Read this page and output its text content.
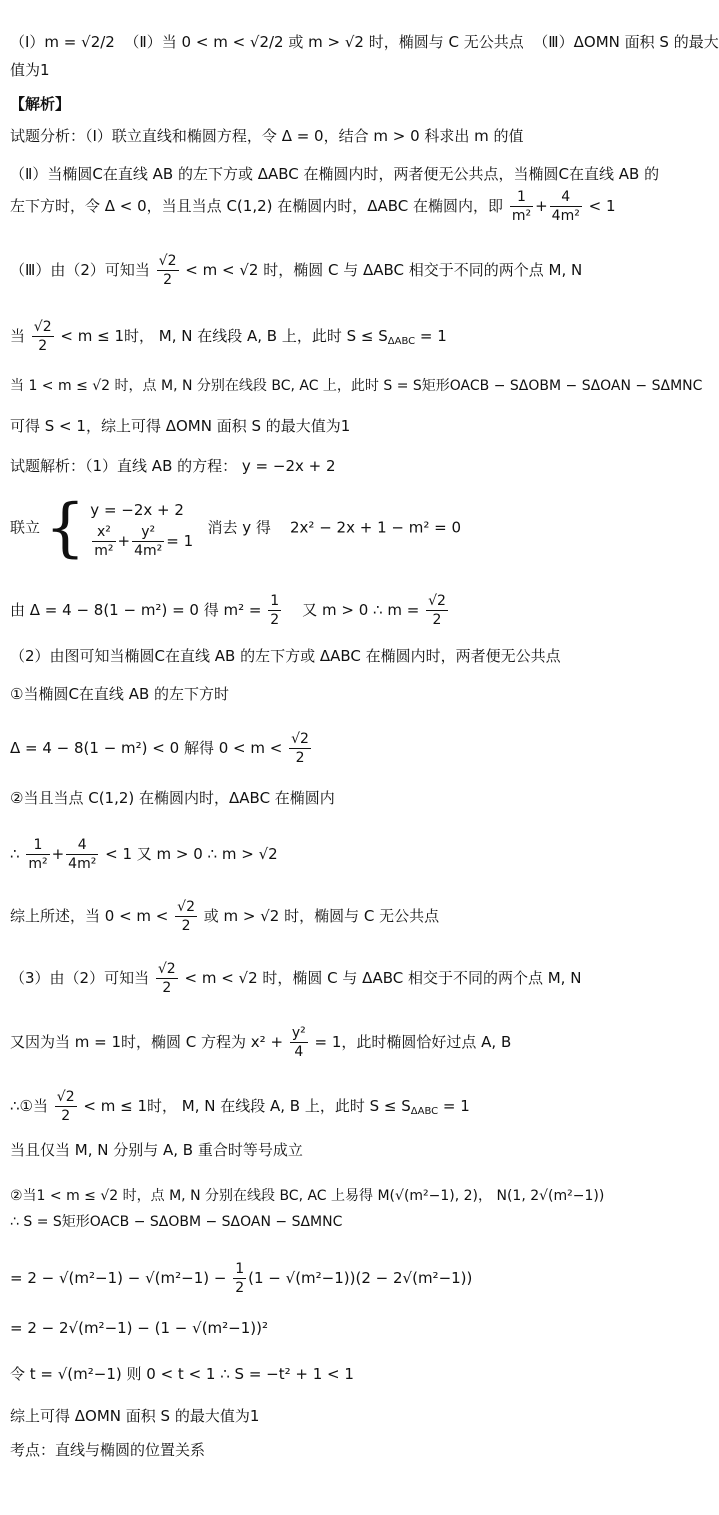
（Ⅰ）m = √2/2 （Ⅱ）当 0 < m < √2/2 或 m > √2 时，椭圆与 C 无公共点 （Ⅲ）ΔOMN 面积 S 的最大
值为1
【解析】
试题分析：（Ⅰ）联立直线和椭圆方程，令 Δ = 0，结合 m > 0 科求出 m 的值
（Ⅱ）当椭圆C在直线 AB 的左下方或 ΔABC 在椭圆内时，两者便无公共点，当椭圆C在直线 AB 的
左下方时，令 Δ < 0，当且当点 C(1,2) 在椭圆内时，ΔABC 在椭圆内，即 $\frac{1}{\text{m²}} + \frac{4}{\text{4m²}} < 1$
（Ⅲ）由（2）可知当 $\frac{√2}{2} < m < √2$ 时，椭圆 C 与 ΔABC 相交于不同的两个点 M, N
当 $\frac{√2}{2} < m \le 1$时， M, N 在线段 A, B 上，此时 $S \le S_{\Delta ABC} = 1$
当 1 < m ≤ √2 时，点 M, N 分别在线段 BC, AC 上，此时 S = S矩形OACB − SΔOBM − SΔOAN − SΔMNC
可得 S < 1，综上可得 ΔOMN 面积 S 的最大值为1
试题解析：（1）直线 AB 的方程： y = −2x + 2
联立 { y = −2x + 2
$\frac{\text{x²}}{\text{m²}} + \frac{\text{y²}}{\text{4m²}} = 1$
消去 y 得 2x² − 2x + 1 − m² = 0
由 Δ = 4 − 8(1 − m²) = 0 得 $m^2 = \frac{1}{2}$ 又 m > 0 ∴ $m = \frac{√2}{2}$
（2）由图可知当椭圆C在直线 AB 的左下方或 ΔABC 在椭圆内时，两者便无公共点
①当椭圆C在直线 AB 的左下方时
Δ = 4 − 8(1 − m²) < 0 解得 $0 < m < \frac{√2}{2}$
②当且当点 C(1,2) 在椭圆内时，ΔABC 在椭圆内
∴ $\frac{1}{\text{m²}} + \frac{4}{\text{4m²}} < 1$ 又 m > 0 ∴ m > √2
综上所述，当 $0 < m < \frac{√2}{2}$ 或 m > √2 时，椭圆与 C 无公共点
（3）由（2）可知当 $\frac{√2}{2} < m < √2$ 时，椭圆 C 与 ΔABC 相交于不同的两个点 M, N
又因为当 m = 1时，椭圆 C 方程为 $x^2 + \frac{\text{y²}}{4} = 1$，此时椭圆恰好过点 A, B
∴①当 $\frac{√2}{2} < m \le 1$时， M, N 在线段 A, B 上，此时 $S \le S_{\Delta ABC} = 1$
当且仅当 M, N 分别与 A, B 重合时等号成立
②当1 < m ≤ √2 时，点 M, N 分别在线段 BC, AC 上易得 M(√(m²−1), 2)， N(1, 2√(m²−1))
∴ S = S矩形OACB − SΔOBM − SΔOAN − SΔMNC
= $2 - √(m^2-1) - √(m^2-1) - \frac{1}{2} (1 - √(m^2-1))(2 - 2√(m^2-1))$
= 2 − 2√(m²−1) − (1 − √(m²−1))²
令 t = √(m²−1) 则 0 < t < 1 ∴ S = −t² + 1 < 1
综上可得 ΔOMN 面积 S 的最大值为1
考点：直线与椭圆的位置关系
